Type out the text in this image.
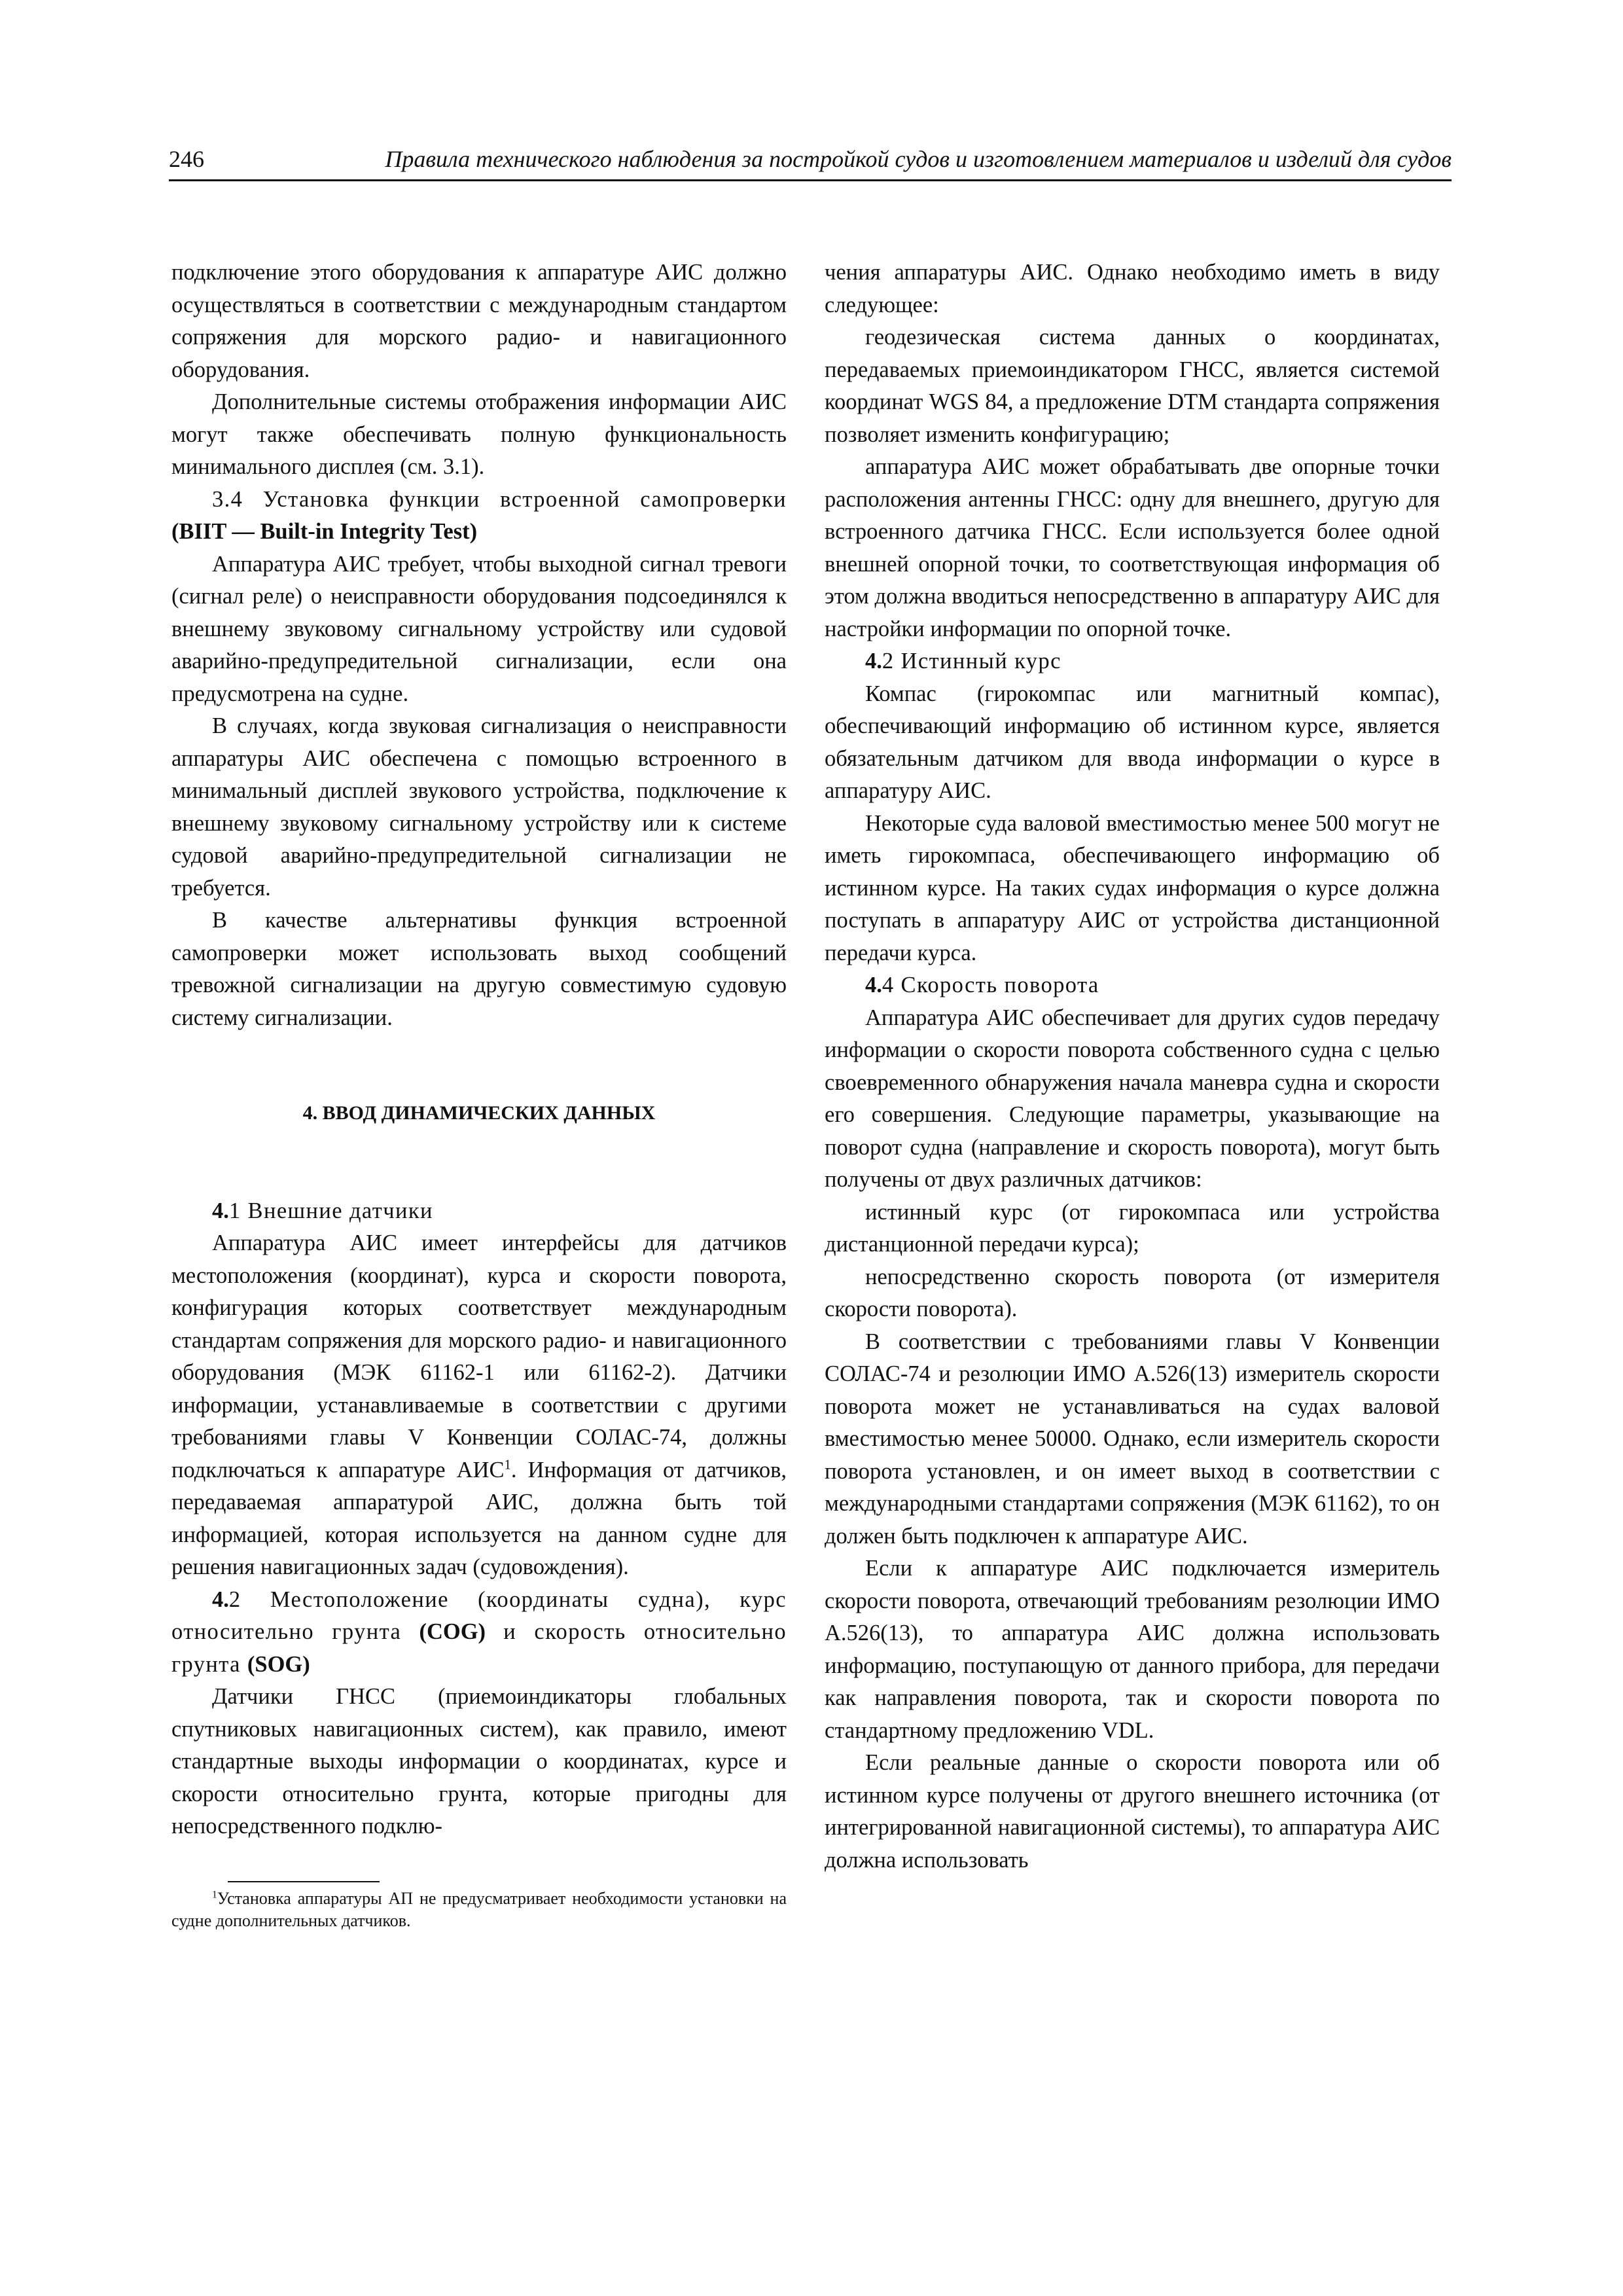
246	Правила технического наблюдения за постройкой судов и изготовлением материалов и изделий для судов

подключение этого оборудования к аппаратуре АИС должно осуществляться в соответствии с международным стандартом сопряжения для морского радио- и навигационного оборудования.

Дополнительные системы отображения информации АИС могут также обеспечивать полную функциональность минимального дисплея (см. 3.1).

3.4 Установка функции встроенной самопроверки (BIIT — Built-in Integrity Test)

Аппаратура АИС требует, чтобы выходной сигнал тревоги (сигнал реле) о неисправности оборудования подсоединялся к внешнему звуковому сигнальному устройству или судовой аварийно-предупредительной сигнализации, если она предусмотрена на судне.

В случаях, когда звуковая сигнализация о неисправности аппаратуры АИС обеспечена с помощью встроенного в минимальный дисплей звукового устройства, подключение к внешнему звуковому сигнальному устройству или к системе судовой аварийно-предупредительной сигнализации не требуется.

В качестве альтернативы функция встроенной самопроверки может использовать выход сообщений тревожной сигнализации на другую совместимую судовую систему сигнализации.

4. ВВОД ДИНАМИЧЕСКИХ ДАННЫХ

4.1 Внешние датчики

Аппаратура АИС имеет интерфейсы для датчиков местоположения (координат), курса и скорости поворота, конфигурация которых соответствует международным стандартам сопряжения для морского радио- и навигационного оборудования (МЭК 61162-1 или 61162-2). Датчики информации, устанавливаемые в соответствии с другими требованиями главы V Конвенции СОЛАС-74, должны подключаться к аппаратуре АИС$^1$. Информация от датчиков, передаваемая аппаратурой АИС, должна быть той информацией, которая используется на данном судне для решения навигационных задач (судовождения).

4.2 Местоположение (координаты судна), курс относительно грунта (COG) и скорость относительно грунта (SOG)

Датчики ГНСС (приемоиндикаторы глобальных спутниковых навигационных систем), как правило, имеют стандартные выходы информации о координатах, курсе и скорости относительно грунта, которые пригодны для непосредственного подклю-

$^1$Установка аппаратуры АП не предусматривает необходимости установки на судне дополнительных датчиков.

чения аппаратуры АИС. Однако необходимо иметь в виду следующее:

геодезическая система данных о координатах, передаваемых приемоиндикатором ГНСС, является системой координат WGS 84, а предложение DTM стандарта сопряжения позволяет изменить конфигурацию;

аппаратура АИС может обрабатывать две опорные точки расположения антенны ГНСС: одну для внешнего, другую для встроенного датчика ГНСС. Если используется более одной внешней опорной точки, то соответствующая информация об этом должна вводиться непосредственно в аппаратуру АИС для настройки информации по опорной точке.

4.2 Истинный курс

Компас (гирокомпас или магнитный компас), обеспечивающий информацию об истинном курсе, является обязательным датчиком для ввода информации о курсе в аппаратуру АИС.

Некоторые суда валовой вместимостью менее 500 могут не иметь гирокомпаса, обеспечивающего информацию об истинном курсе. На таких судах информация о курсе должна поступать в аппаратуру АИС от устройства дистанционной передачи курса.

4.4 Скорость поворота

Аппаратура АИС обеспечивает для других судов передачу информации о скорости поворота собственного судна с целью своевременного обнаружения начала маневра судна и скорости его совершения. Следующие параметры, указывающие на поворот судна (направление и скорость поворота), могут быть получены от двух различных датчиков:

истинный курс (от гирокомпаса или устройства дистанционной передачи курса);

непосредственно скорость поворота (от измерителя скорости поворота).

В соответствии с требованиями главы V Конвенции СОЛАС-74 и резолюции ИМО А.526(13) измеритель скорости поворота может не устанавливаться на судах валовой вместимостью менее 50000. Однако, если измеритель скорости поворота установлен, и он имеет выход в соответствии с международными стандартами сопряжения (МЭК 61162), то он должен быть подключен к аппаратуре АИС.

Если к аппаратуре АИС подключается измеритель скорости поворота, отвечающий требованиям резолюции ИМО А.526(13), то аппаратура АИС должна использовать информацию, поступающую от данного прибора, для передачи как направления поворота, так и скорости поворота по стандартному предложению VDL.

Если реальные данные о скорости поворота или об истинном курсе получены от другого внешнего источника (от интегрированной навигационной системы), то аппаратура АИС должна использовать
